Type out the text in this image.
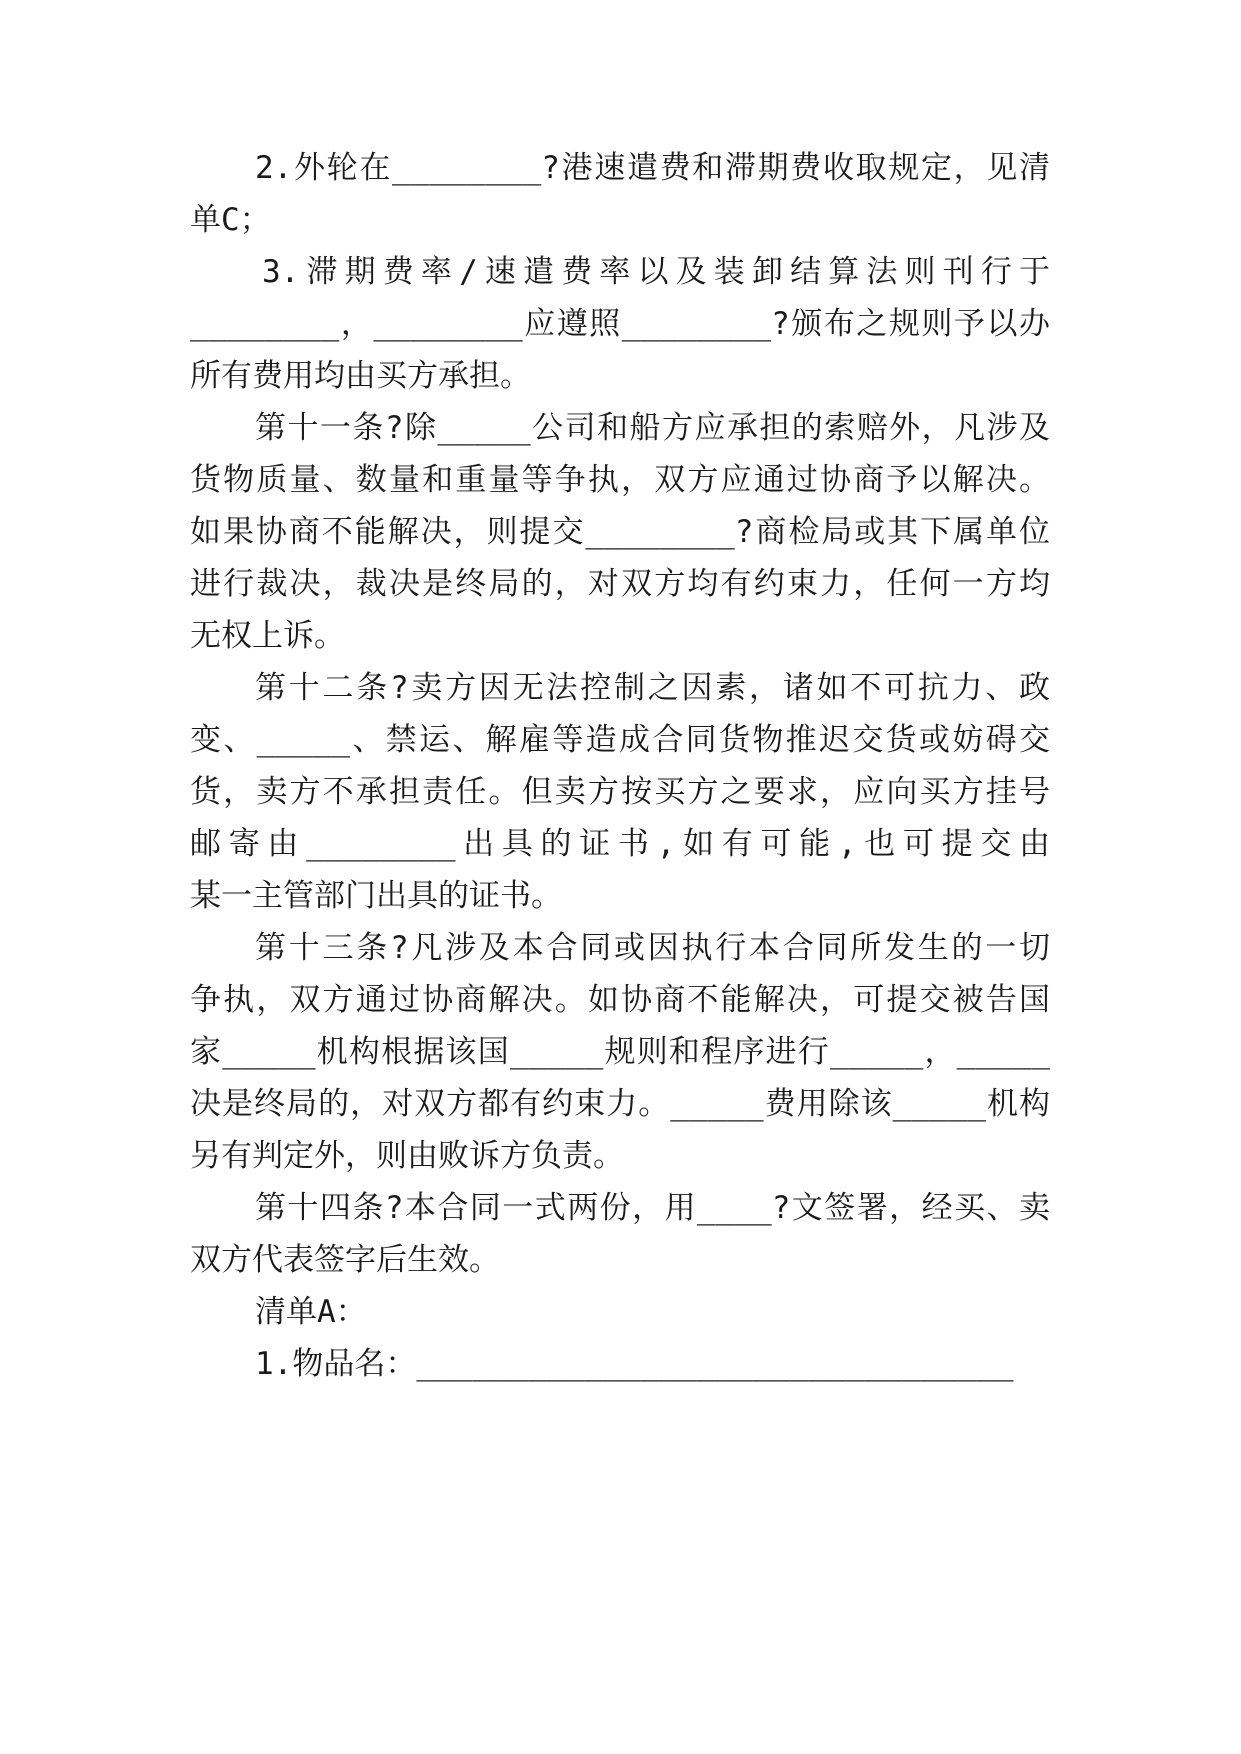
2.外轮在________?港速遣费和滞期费收取规定，见清

单C；

3.滞期费率/速遣费率以及装卸结算法则刊行于

________，________应遵照________?颁布之规则予以办

所有费用均由买方承担。

第十一条?除_____公司和船方应承担的索赔外，凡涉及

货物质量、数量和重量等争执，双方应通过协商予以解决。

如果协商不能解决，则提交________?商检局或其下属单位

进行裁决，裁决是终局的，对双方均有约束力，任何一方均

无权上诉。

第十二条?卖方因无法控制之因素，诸如不可抗力、政

变、_____、禁运、解雇等造成合同货物推迟交货或妨碍交

货，卖方不承担责任。但卖方按买方之要求，应向买方挂号

邮寄由________出具的证书,如有可能,也可提交由

某一主管部门出具的证书。

第十三条?凡涉及本合同或因执行本合同所发生的一切

争执，双方通过协商解决。如协商不能解决，可提交被告国

家_____机构根据该国_____规则和程序进行_____，_____

决是终局的，对双方都有约束力。_____费用除该_____机构

另有判定外，则由败诉方负责。

第十四条?本合同一式两份，用____?文签署，经买、卖

双方代表签字后生效。

清单A：

1.物品名：________________________________
